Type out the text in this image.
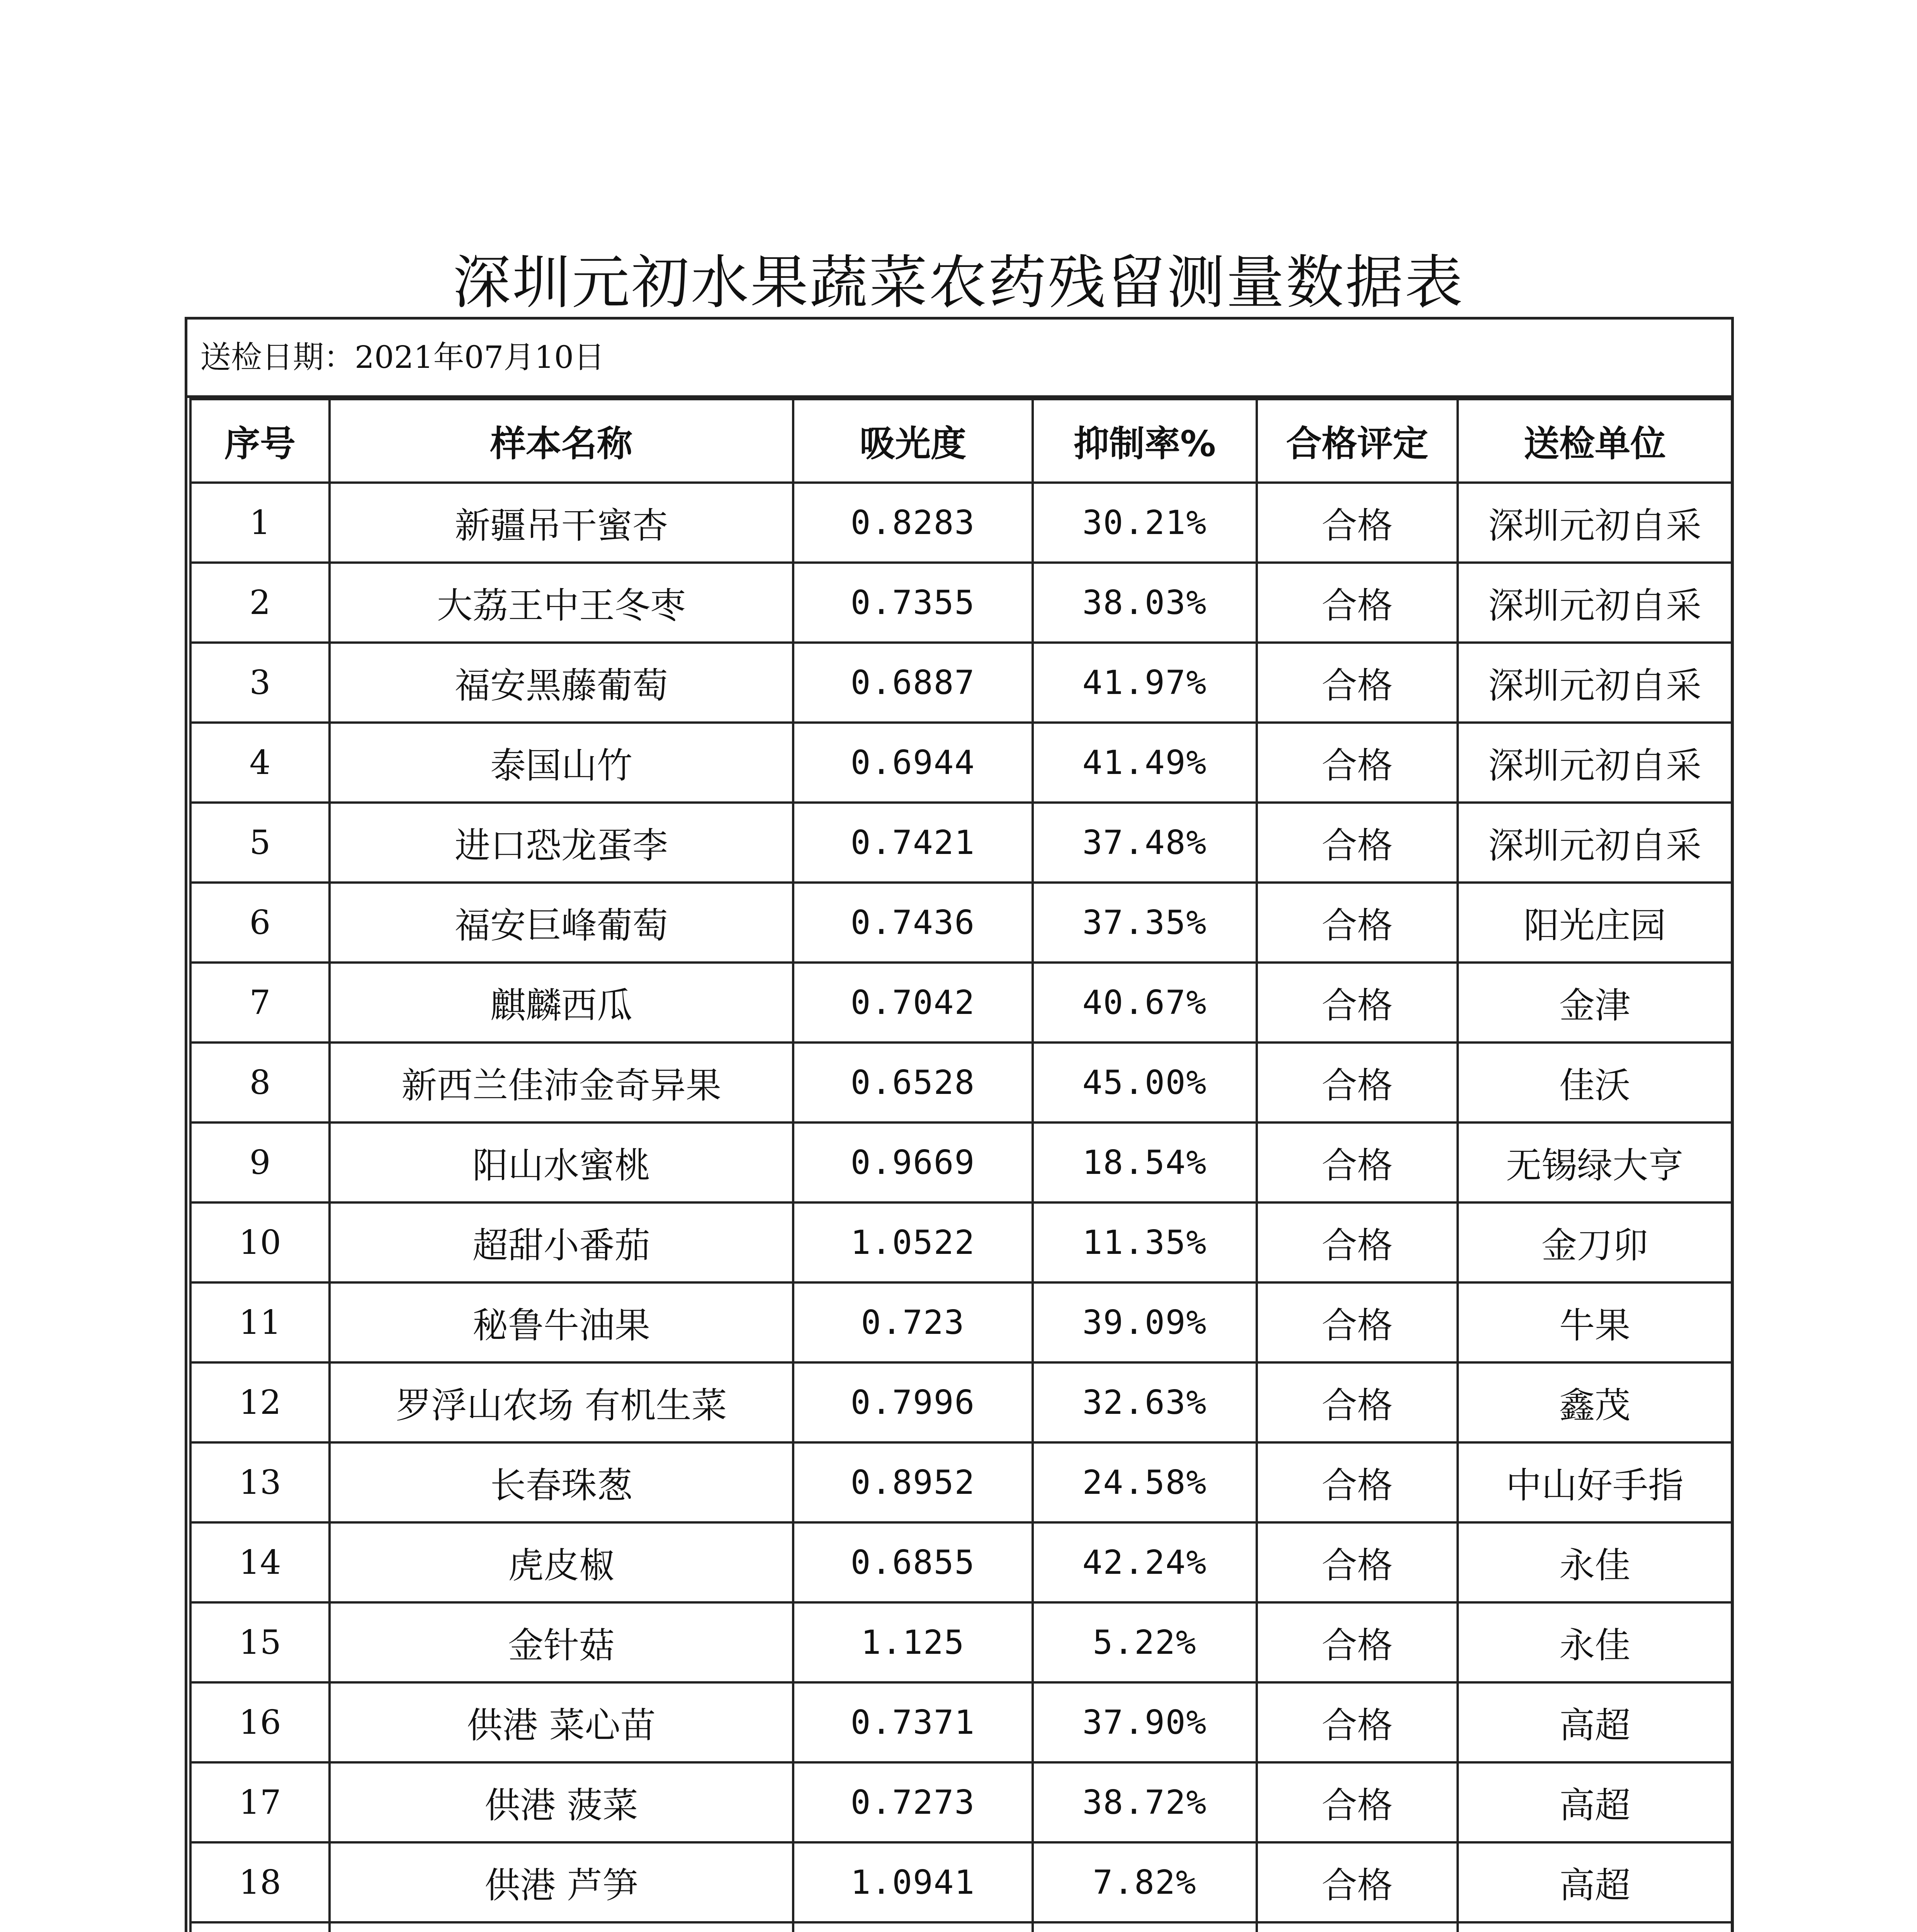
深圳元初水果蔬菜农药残留测量数据表
送检日期：2021年07月10日
序号	样本名称	吸光度	抑制率%	合格评定	送检单位
1	新疆吊干蜜杏	0.8283	30.21%	合格	深圳元初自采
2	大荔王中王冬枣	0.7355	38.03%	合格	深圳元初自采
3	福安黑藤葡萄	0.6887	41.97%	合格	深圳元初自采
4	泰国山竹	0.6944	41.49%	合格	深圳元初自采
5	进口恐龙蛋李	0.7421	37.48%	合格	深圳元初自采
6	福安巨峰葡萄	0.7436	37.35%	合格	阳光庄园
7	麒麟西瓜	0.7042	40.67%	合格	金津
8	新西兰佳沛金奇异果	0.6528	45.00%	合格	佳沃
9	阳山水蜜桃	0.9669	18.54%	合格	无锡绿大亨
10	超甜小番茄	1.0522	11.35%	合格	金刀卯
11	秘鲁牛油果	0.723	39.09%	合格	牛果
12	罗浮山农场 有机生菜	0.7996	32.63%	合格	鑫茂
13	长春珠葱	0.8952	24.58%	合格	中山好手指
14	虎皮椒	0.6855	42.24%	合格	永佳
15	金针菇	1.125	5.22%	合格	永佳
16	供港 菜心苗	0.7371	37.90%	合格	高超
17	供港 菠菜	0.7273	38.72%	合格	高超
18	供港 芦笋	1.0941	7.82%	合格	高超
